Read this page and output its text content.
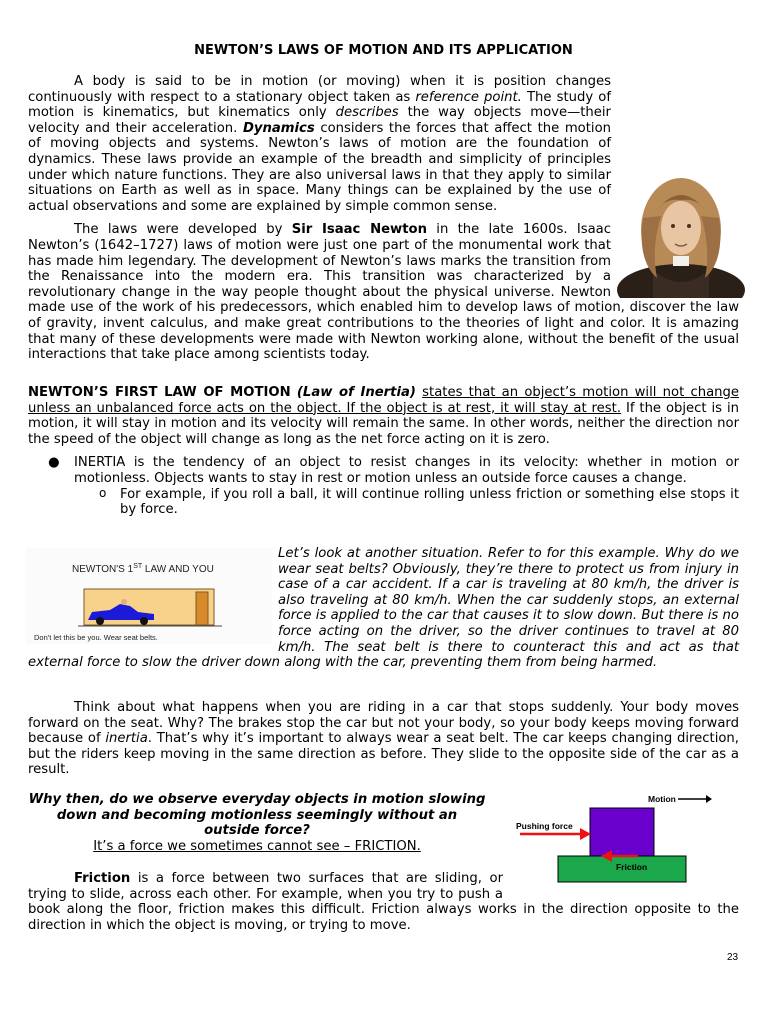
NEWTON’S LAWS OF MOTION AND ITS APPLICATION

A body is said to be in motion (or moving) when it is position changes continuously with respect to a stationary object taken as reference point. The study of motion is kinematics, but kinematics only describes the way objects move—their velocity and their acceleration. Dynamics considers the forces that affect the motion of moving objects and systems. Newton’s laws of motion are the foundation of dynamics. These laws provide an example of the breadth and simplicity of principles under which nature functions. They are also universal laws in that they apply to similar situations on Earth as well as in space. Many things can be explained by the use of actual observations and some are explained by simple common sense.

The laws were developed by Sir Isaac Newton in the late 1600s. Isaac Newton’s (1642–1727) laws of motion were just one part of the monumental work that has made him legendary. The development of Newton’s laws marks the transition from the Renaissance into the modern era. This transition was characterized by a revolutionary change in the way people thought about the physical universe. Newton made use of the work of his predecessors, which enabled him to develop laws of motion, discover the law of gravity, invent calculus, and make great contributions to the theories of light and color. It is amazing that many of these developments were made with Newton working alone, without the benefit of the usual interactions that take place among scientists today.

NEWTON’S FIRST LAW OF MOTION (Law of Inertia) states that an object’s motion will not change unless an unbalanced force acts on the object. If the object is at rest, it will stay at rest. If the object is in motion, it will stay in motion and its velocity will remain the same. In other words, neither the direction nor the speed of the object will change as long as the net force acting on it is zero.

● INERTIA is the tendency of an object to resist changes in its velocity: whether in motion or motionless. Objects wants to stay in rest or motion unless an outside force causes a change.
o For example, if you roll a ball, it will continue rolling unless friction or something else stops it by force.
NEWTON'S 1ST LAW AND YOU
Don't let this be you. Wear seat belts.

Let’s look at another situation. Refer to for this example. Why do we wear seat belts? Obviously, they’re there to protect us from injury in case of a car accident. If a car is traveling at 80 km/h, the driver is also traveling at 80 km/h. When the car suddenly stops, an external force is applied to the car that causes it to slow down. But there is no force acting on the driver, so the driver continues to travel at 80 km/h. The seat belt is there to counteract this and act as that external force to slow the driver down along with the car, preventing them from being harmed.

Think about what happens when you are riding in a car that stops suddenly. Your body moves forward on the seat. Why? The brakes stop the car but not your body, so your body keeps moving forward because of inertia. That’s why it’s important to always wear a seat belt. The car keeps changing direction, but the riders keep moving in the same direction as before. They slide to the opposite side of the car as a result.

Why then, do we observe everyday objects in motion slowing down and becoming motionless seemingly without an outside force?
It’s a force we sometimes cannot see – FRICTION.
Motion
Pushing force
Friction

Friction is a force between two surfaces that are sliding, or trying to slide, across each other. For example, when you try to push a book along the floor, friction makes this difficult. Friction always works in the direction opposite to the direction in which the object is moving, or trying to move.

23
